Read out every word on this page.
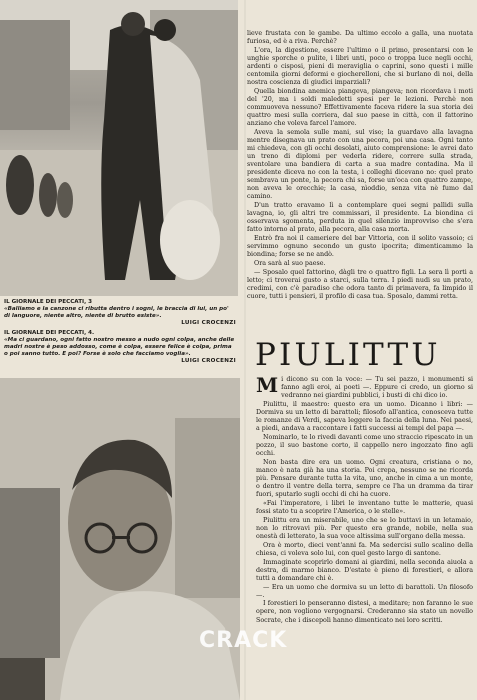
IL GIORNALE DEI PECCATI, 3
«Balliamo e la canzone ci ributta dentro i sogni, le braccia di lui, un po' di languore, niente altro, niente di brutto esiste».
LUIGI CROCENZI
IL GIORNALE DEI PECCATI, 4.
«Ma ci guardano, ogni fatto nostro messo a nudo ogni colpa, anche delle madri nostre è peso addosso, come è colpa, essere felice è colpa, prima o poi sanno tutto. E poi? Forse è solo che facciamo voglia».
LUIGI CROCENZI

lieve frustata con le gambe. Da ultimo eccolo a galla, una nuotata furiosa, ed è a riva. Perchè?

L'ora, la digestione, essere l'ultimo o il primo, presentarsi con le unghie sporche o pulite, i libri unti, poco o troppa luce negli occhi, ardenti o cisposi, pieni di meraviglia o caprini, sono questi i mille centomila giorni deformi e giocherelloni, che si burlano di noi, della nostra coscienza di giudici imparziali?

Quella biondina anemica piangeva, piangeva; non ricordava i moti del '20, ma i soldi maledetti spesi per le lezioni. Perchè non commuoveva nessuno? Effettivamente faceva ridere la sua storia dei quattro mesi sulla corriera, dal suo paese in città, con il fattorino anziano che voleva farcel l'amore.

Aveva la semola sulle mani, sul viso; la guardavo alla lavagna mentre disegnava un prato con una pecora, poi una casa. Ogni tanto mi chiedeva, con gli occhi desolati, aiuto comprensione: le avrei dato un treno di diplomi per vederla ridere, correre sulla strada, sventolare una bandiera di carta a sua madre contadina. Ma il presidente diceva no con la testa, i colleghi dicevano no: quel prato sembrava un ponte, la pecora chi sa, forse un'oca con quattro zampe, non aveva le orecchie; la casa, nìoddio, senza vita nè fumo dal camino.

D'un tratto eravamo lì a contemplare quei segni pallidi sulla lavagna, io, gli altri tre commissari, il presidente. La biondina ci osservava sgomenta, perduta in quel silenzio improvviso che s'era fatto intorno al prato, alla pecora, alla casa morta.

Entrò fra noi il cameriere del bar Vittoria, con il solito vassoio; ci servimmo ognuno secondo un gusto ipocrita; dimenticammo la biondina; forse se ne andò.

Ora sarà al suo paese.

— Sposalo quel fattorino, dàgli tre o quattro figli. La sera lì porti a letto; ci troverai gusto a starci, sulla terra. I piedi nudi su un prato, credimi, con c'è paradiso che odora tanto di primavera, fa limpido il cuore, tutti i pensieri, il profilo di casa tua. Sposalo, dammi retta.

PIULITTU

Mi dicono su con la voce: — Tu sei pazzo, i monumenti si fanno agli eroi, ai poeti —. Eppure ci credo, un giorno si vedranno nei giardini pubblici, i busti di chi dico io.

Piulittu, il maestro: questo era un uomo. Dicanno i libri: — Dormiva su un letto di barattoli; filosofo all'antica, conosceva tutte le romanze di Verdi, sapeva leggere la faccia della luna. Nei paesi, a piedi, andava a raccontare i fatti successi ai tempi del papa —.

Nominarlo, te lo rivedi davanti come uno straccio ripescato in un pozzo, il suo bastone corto, il cappello nero ingozzato fino agli occhi.

Non basta dire era un uomo. Ogni creatura, cristiana o no, manco è nata già ha una storia. Poi crepa, nessuno se ne ricorda più. Pensare durante tutta la vita, uno, anche in cima a un monte, o dentro il ventre della terra, sempre ce l'ha un dramma da tirar fuori, sputarlo sugli occhi di chi ha cuore.

«Fai l'imperatore, i libri le inventano tutte le matterie, quasi fossi stato tu a scoprire l'America, o le stelle».

Piulittu era un miserabile, uno che se lo buttavi in un letamaio, non lo ritrovavi più. Per questo era grande, nobile, nella sua onestà di letterato, la sua voce altissima sull'organo della messa.

Ora è morto, dieci vent'anni fa. Ma sedercisi sullo scalino della chiesa, ci voleva solo lui, con quel gesto largo di santone.

Immaginate scoprirlo domani ai giardini, nella seconda aiuola a destra, di marmo bianco. D'estate è pieno di forestieri, e allora tutti a domandare chi è.

— Era un uomo che dormiva su un letto di barattoli. Un filosofo —.

I forestieri lo penseranno distesi, a meditare; non faranno le sue opere, non vogliono vergognarsi. Crederanno sia stato un novello Socrate, che i discepoli hanno dimenticato nei loro scritti.

CRACK
